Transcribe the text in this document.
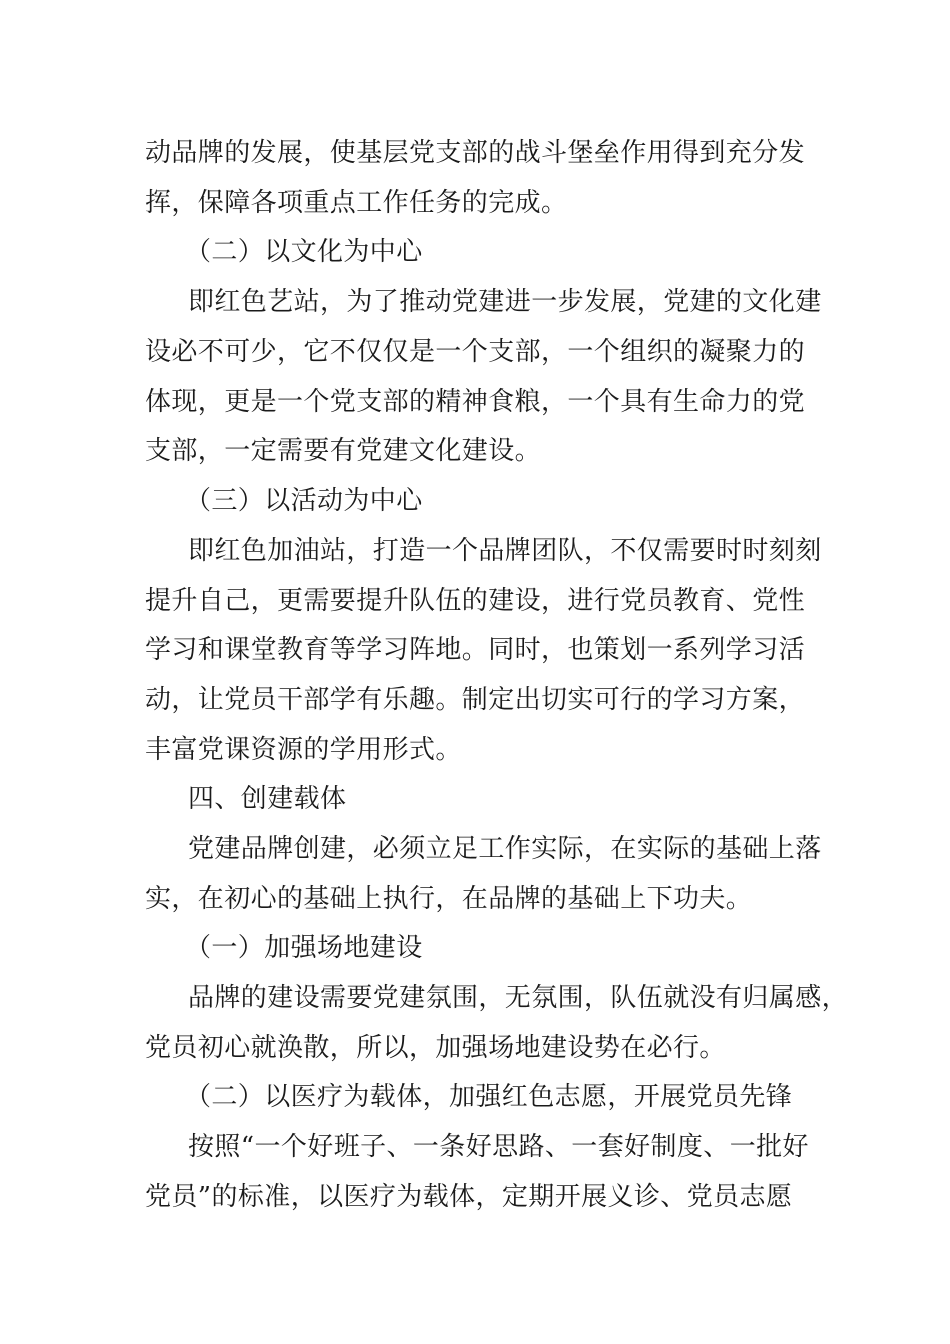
动品牌的发展，使基层党支部的战斗堡垒作用得到充分发
挥，保障各项重点工作任务的完成。
（二）以文化为中心
即红色艺站，为了推动党建进一步发展，党建的文化建
设必不可少，它不仅仅是一个支部，一个组织的凝聚力的
体现，更是一个党支部的精神食粮，一个具有生命力的党
支部，一定需要有党建文化建设。
（三）以活动为中心
即红色加油站，打造一个品牌团队，不仅需要时时刻刻
提升自己，更需要提升队伍的建设，进行党员教育、党性
学习和课堂教育等学习阵地。同时，也策划一系列学习活
动，让党员干部学有乐趣。制定出切实可行的学习方案，
丰富党课资源的学用形式。
四、创建载体
党建品牌创建，必须立足工作实际，在实际的基础上落
实，在初心的基础上执行，在品牌的基础上下功夫。
（一）加强场地建设
品牌的建设需要党建氛围，无氛围，队伍就没有归属感，
党员初心就涣散，所以，加强场地建设势在必行。
（二）以医疗为载体，加强红色志愿，开展党员先锋
按照“一个好班子、一条好思路、一套好制度、一批好
党员”的标准，以医疗为载体，定期开展义诊、党员志愿
